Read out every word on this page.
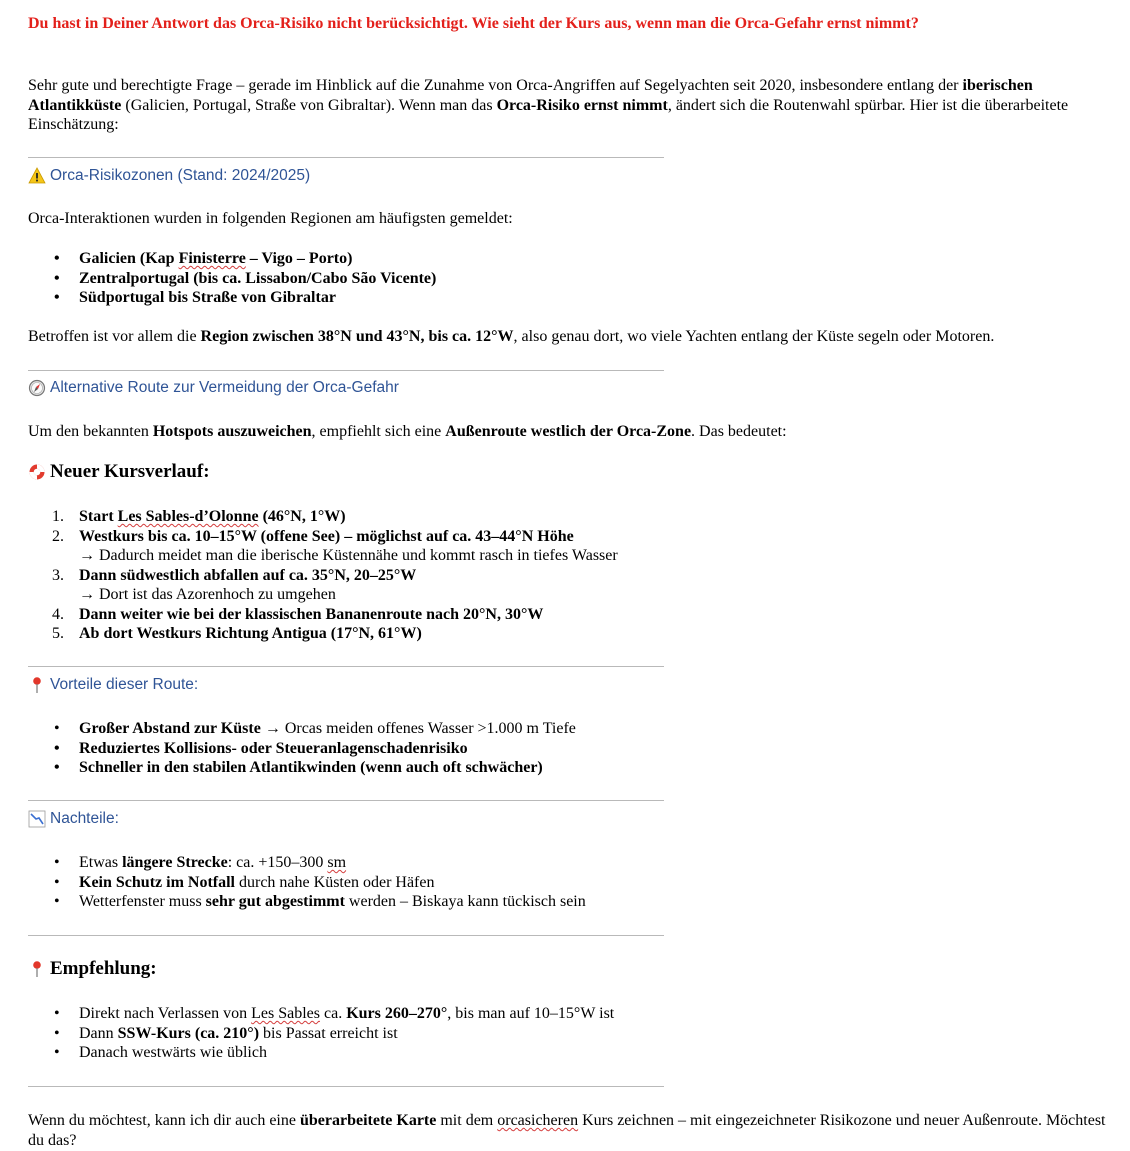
Du hast in Deiner Antwort das Orca-Risiko nicht berücksichtigt. Wie sieht der Kurs aus, wenn man die Orca-Gefahr ernst nimmt?
Sehr gute und berechtigte Frage – gerade im Hinblick auf die Zunahme von Orca-Angriffen auf Segelyachten seit 2020, insbesondere entlang der iberischen Atlantikküste (Galicien, Portugal, Straße von Gibraltar). Wenn man das Orca-Risiko ernst nimmt, ändert sich die Routenwahl spürbar. Hier ist die überarbeitete Einschätzung:
Orca-Risikozonen (Stand: 2024/2025)
Orca-Interaktionen wurden in folgenden Regionen am häufigsten gemeldet:
• Galicien (Kap Finisterre – Vigo – Porto)
• Zentralportugal (bis ca. Lissabon/Cabo São Vicente)
• Südportugal bis Straße von Gibraltar
Betroffen ist vor allem die Region zwischen 38°N und 43°N, bis ca. 12°W, also genau dort, wo viele Yachten entlang der Küste segeln oder Motoren.
Alternative Route zur Vermeidung der Orca-Gefahr
Um den bekannten Hotspots auszuweichen, empfiehlt sich eine Außenroute westlich der Orca-Zone. Das bedeutet:
Neuer Kursverlauf:
1. Start Les Sables-d’Olonne (46°N, 1°W)
2. Westkurs bis ca. 10–15°W (offene See) – möglichst auf ca. 43–44°N Höhe
→ Dadurch meidet man die iberische Küstennähe und kommt rasch in tiefes Wasser
3. Dann südwestlich abfallen auf ca. 35°N, 20–25°W
→ Dort ist das Azorenhoch zu umgehen
4. Dann weiter wie bei der klassischen Bananenroute nach 20°N, 30°W
5. Ab dort Westkurs Richtung Antigua (17°N, 61°W)
Vorteile dieser Route:
• Großer Abstand zur Küste → Orcas meiden offenes Wasser >1.000 m Tiefe
• Reduziertes Kollisions- oder Steueranlagenschadenrisiko
• Schneller in den stabilen Atlantikwinden (wenn auch oft schwächer)
Nachteile:
• Etwas längere Strecke: ca. +150–300 sm
• Kein Schutz im Notfall durch nahe Küsten oder Häfen
• Wetterfenster muss sehr gut abgestimmt werden – Biskaya kann tückisch sein
Empfehlung:
• Direkt nach Verlassen von Les Sables ca. Kurs 260–270°, bis man auf 10–15°W ist
• Dann SSW-Kurs (ca. 210°) bis Passat erreicht ist
• Danach westwärts wie üblich
Wenn du möchtest, kann ich dir auch eine überarbeitete Karte mit dem orcasicheren Kurs zeichnen – mit eingezeichneter Risikozone und neuer Außenroute. Möchtest du das?
